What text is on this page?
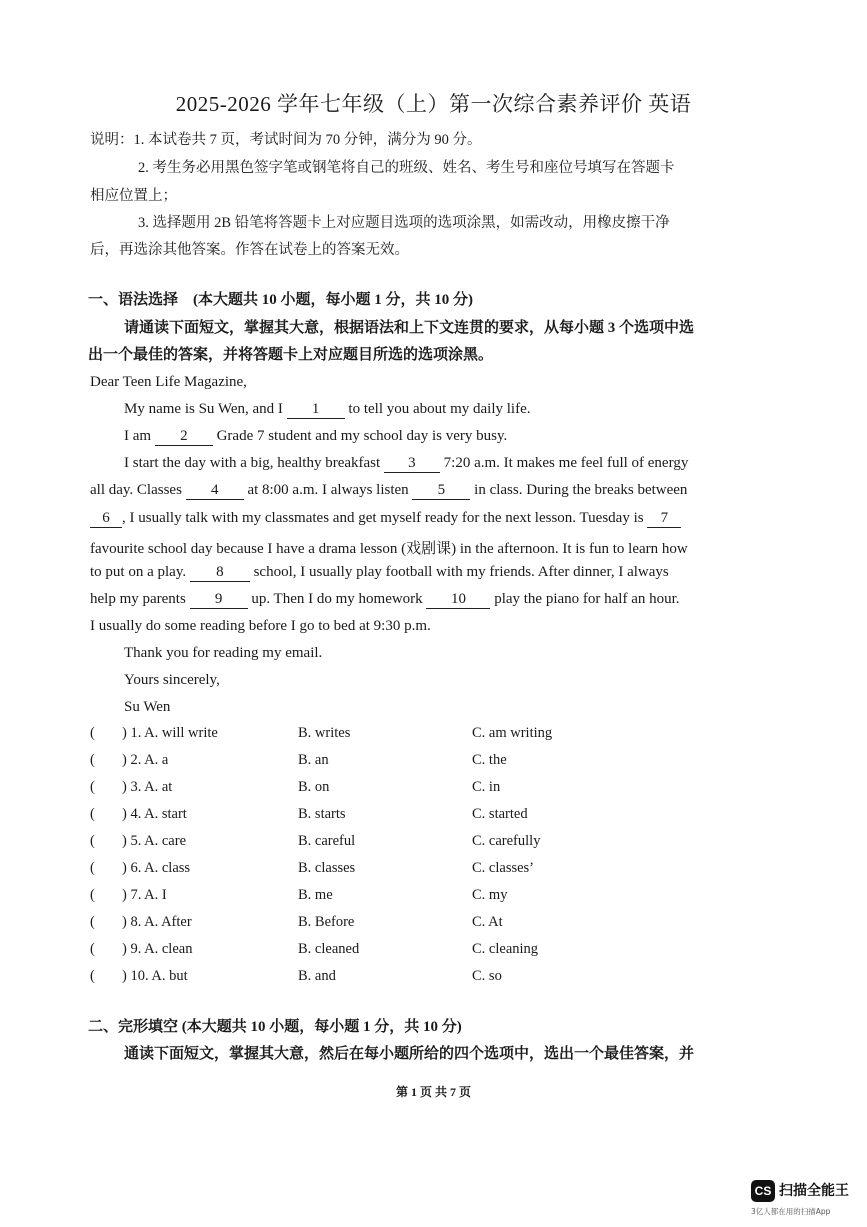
2025-2026 学年七年级（上）第一次综合素养评价 英语
说明：1. 本试卷共 7 页，考试时间为 70 分钟，满分为 90 分。
2. 考生务必用黑色签字笔或钢笔将自己的班级、姓名、考生号和座位号填写在答题卡
相应位置上；
3. 选择题用 2B 铅笔将答题卡上对应题目选项的选项涂黑，如需改动，用橡皮擦干净
后，再选涂其他答案。作答在试卷上的答案无效。
一、语法选择　(本大题共 10 小题，每小题 1 分，共 10 分)
请通读下面短文，掌握其大意，根据语法和上下文连贯的要求，从每小题 3 个选项中选
出一个最佳的答案，并将答题卡上对应题目所选的选项涂黑。
Dear Teen Life Magazine,
My name is Su Wen, and I 1 to tell you about my daily life.
I am 2 Grade 7 student and my school day is very busy.
I start the day with a big, healthy breakfast 3 7:20 a.m. It makes me feel full of energy
all day. Classes 4 at 8:00 a.m. I always listen 5 in class. During the breaks between
6 , I usually talk with my classmates and get myself ready for the next lesson. Tuesday is 7
favourite school day because I have a drama lesson (戏剧课) in the afternoon. It is fun to learn how
to put on a play. 8 school, I usually play football with my friends. After dinner, I always
help my parents 9 up. Then I do my homework 10 play the piano for half an hour.
I usually do some reading before I go to bed at 9:30 p.m.
Thank you for reading my email.
Yours sincerely,
Su Wen
( ) 1. A. will write	B. writes	C. am writing
( ) 2. A. a	B. an	C. the
( ) 3. A. at	B. on	C. in
( ) 4. A. start	B. starts	C. started
( ) 5. A. care	B. careful	C. carefully
( ) 6. A. class	B. classes	C. classes’
( ) 7. A. I	B. me	C. my
( ) 8. A. After	B. Before	C. At
( ) 9. A. clean	B. cleaned	C. cleaning
( ) 10. A. but	B. and	C. so
二、完形填空 (本大题共 10 小题，每小题 1 分，共 10 分)
通读下面短文，掌握其大意，然后在每小题所给的四个选项中，选出一个最佳答案，并
第 1 页 共 7 页
CS 扫描全能王
3亿人都在用的扫描App
